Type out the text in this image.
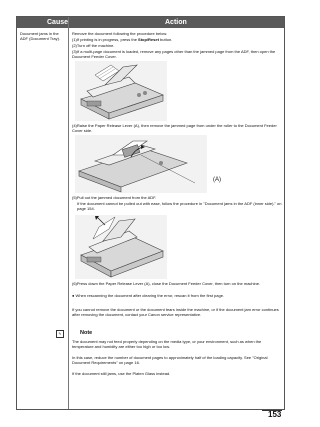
Cause	Action
Document jams in the ADF (Document Tray).
Remove the document following the procedure below.
(1)If printing is in progress, press the Stop/Reset button.
(2)Turn off the machine.
(3)If a multi-page document is loaded, remove any pages other than the jammed page from the ADF, then open the Document Feeder Cover.
(4)Raise the Paper Release Lever (A), then remove the jammed page from under the roller to the Document Feeder Cover side.
(A)
(5)Pull out the jammed document from the ADF.
If the document cannot be pulled out with ease, follow the procedure in "Document jams in the ADF (inner side)." on page 154.
(6)Press down the Paper Release Lever (A), close the Document Feeder Cover, then turn on the machine.
● When rescanning the document after clearing the error, rescan it from the first page.
If you cannot remove the document or the document tears inside the machine, or if the document jam error continues after removing the document, contact your Canon service representative.
✎	Note
The document may not feed properly depending on the media type, or your environment, such as when the temperature and humidity are either too high or too low.
In this case, reduce the number of document pages to approximately half of the loading capacity. See "Original Document Requirements" on page 16.
If the document still jams, use the Platen Glass instead.
153
